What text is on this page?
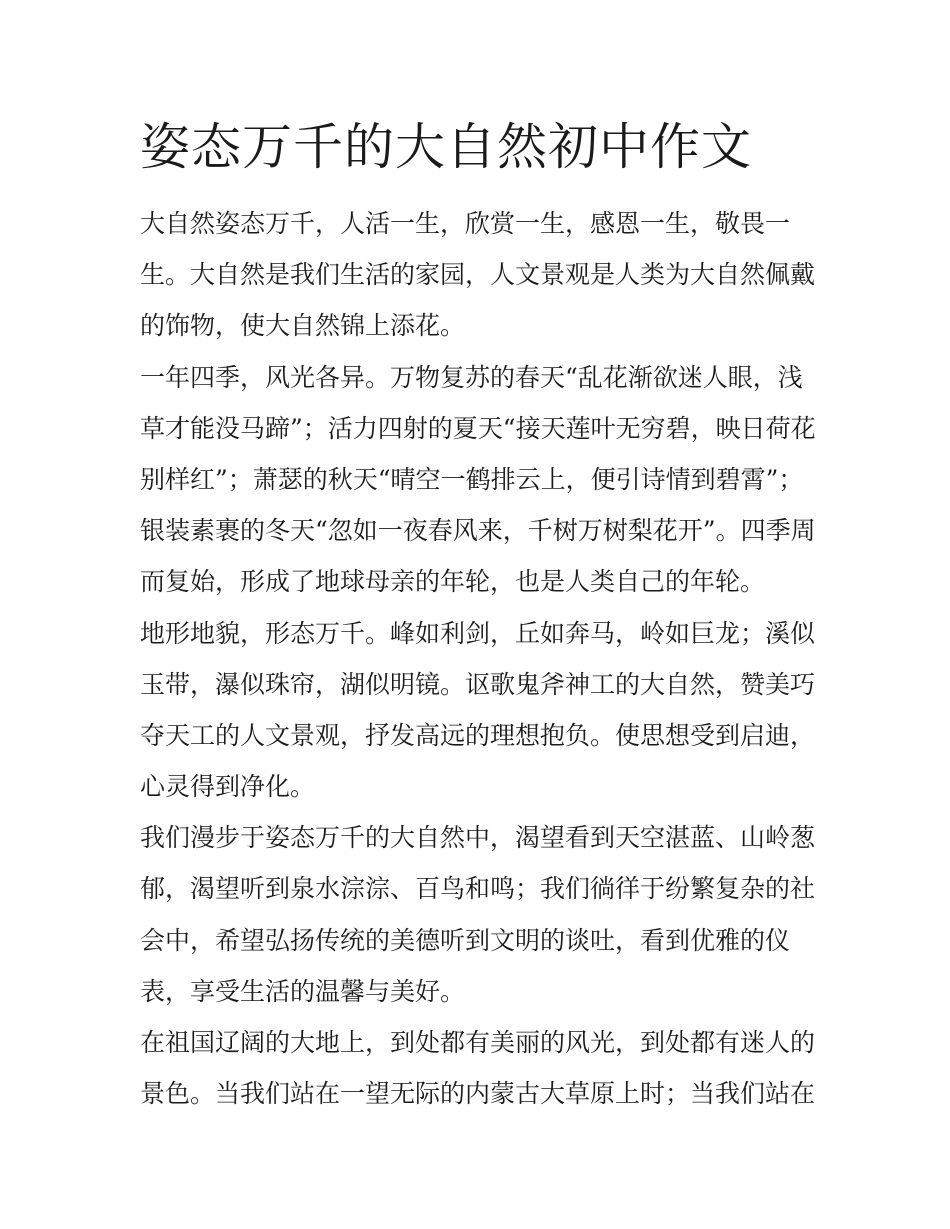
姿态万千的大自然初中作文

大自然姿态万千，人活一生，欣赏一生，感恩一生，敬畏一
生。大自然是我们生活的家园，人文景观是人类为大自然佩戴
的饰物，使大自然锦上添花。

一年四季，风光各异。万物复苏的春天“乱花渐欲迷人眼，浅
草才能没马蹄”；活力四射的夏天“接天莲叶无穷碧，映日荷花
别样红”；萧瑟的秋天“晴空一鹤排云上，便引诗情到碧霄”；
银装素裹的冬天“忽如一夜春风来，千树万树梨花开”。四季周
而复始，形成了地球母亲的年轮，也是人类自己的年轮。

地形地貌，形态万千。峰如利剑，丘如奔马，岭如巨龙；溪似
玉带，瀑似珠帘，湖似明镜。讴歌鬼斧神工的大自然，赞美巧
夺天工的人文景观，抒发高远的理想抱负。使思想受到启迪，
心灵得到净化。

我们漫步于姿态万千的大自然中，渴望看到天空湛蓝、山岭葱
郁，渴望听到泉水淙淙、百鸟和鸣；我们徜徉于纷繁复杂的社
会中，希望弘扬传统的美德听到文明的谈吐，看到优雅的仪
表，享受生活的温馨与美好。

在祖国辽阔的大地上，到处都有美丽的风光，到处都有迷人的
景色。当我们站在一望无际的内蒙古大草原上时；当我们站在
